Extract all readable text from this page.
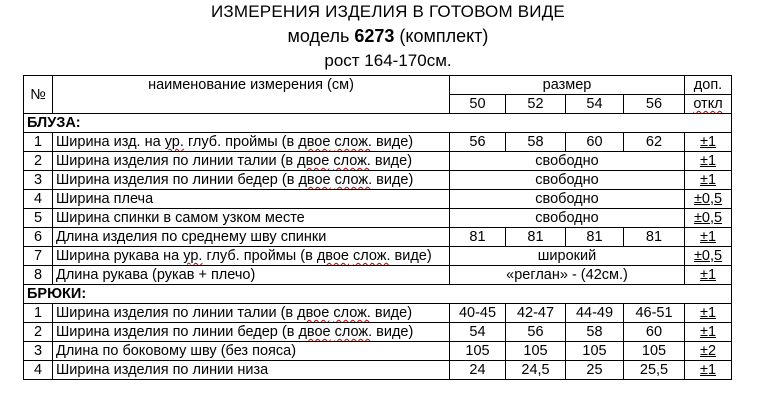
ИЗМЕРЕНИЯ ИЗДЕЛИЯ В ГОТОВОМ ВИДЕ
модель 6273 (комплект)
рост 164-170см.
№	наименование измерения (см)	размер				доп.
		50	52	54	56	откл
БЛУЗА:						
1	Ширина изд. на ур. глуб. проймы (в двое слож. виде)	56	58	60	62	±1
2	Ширина изделия по линии талии (в двое слож. виде)	свободно				±1
3	Ширина изделия по линии бедер (в двое слож. виде)	свободно				±1
4	Ширина плеча	свободно				±0,5
5	Ширина спинки в самом узком месте	свободно				±0,5
6	Длина изделия по среднему шву спинки	81	81	81	81	±1
7	Ширина рукава на ур. глуб. проймы (в двое слож. виде)	широкий				±0,5
8	Длина рукава (рукав + плечо)	«реглан» - (42см.)				±1
БРЮКИ:						
1	Ширина изделия по линии талии (в двое слож. виде)	40-45	42-47	44-49	46-51	±1
2	Ширина изделия по линии бедер (в двое слож. виде)	54	56	58	60	±1
3	Длина по боковому шву (без пояса)	105	105	105	105	±2
4	Ширина изделия по линии низа	24	24,5	25	25,5	±1
